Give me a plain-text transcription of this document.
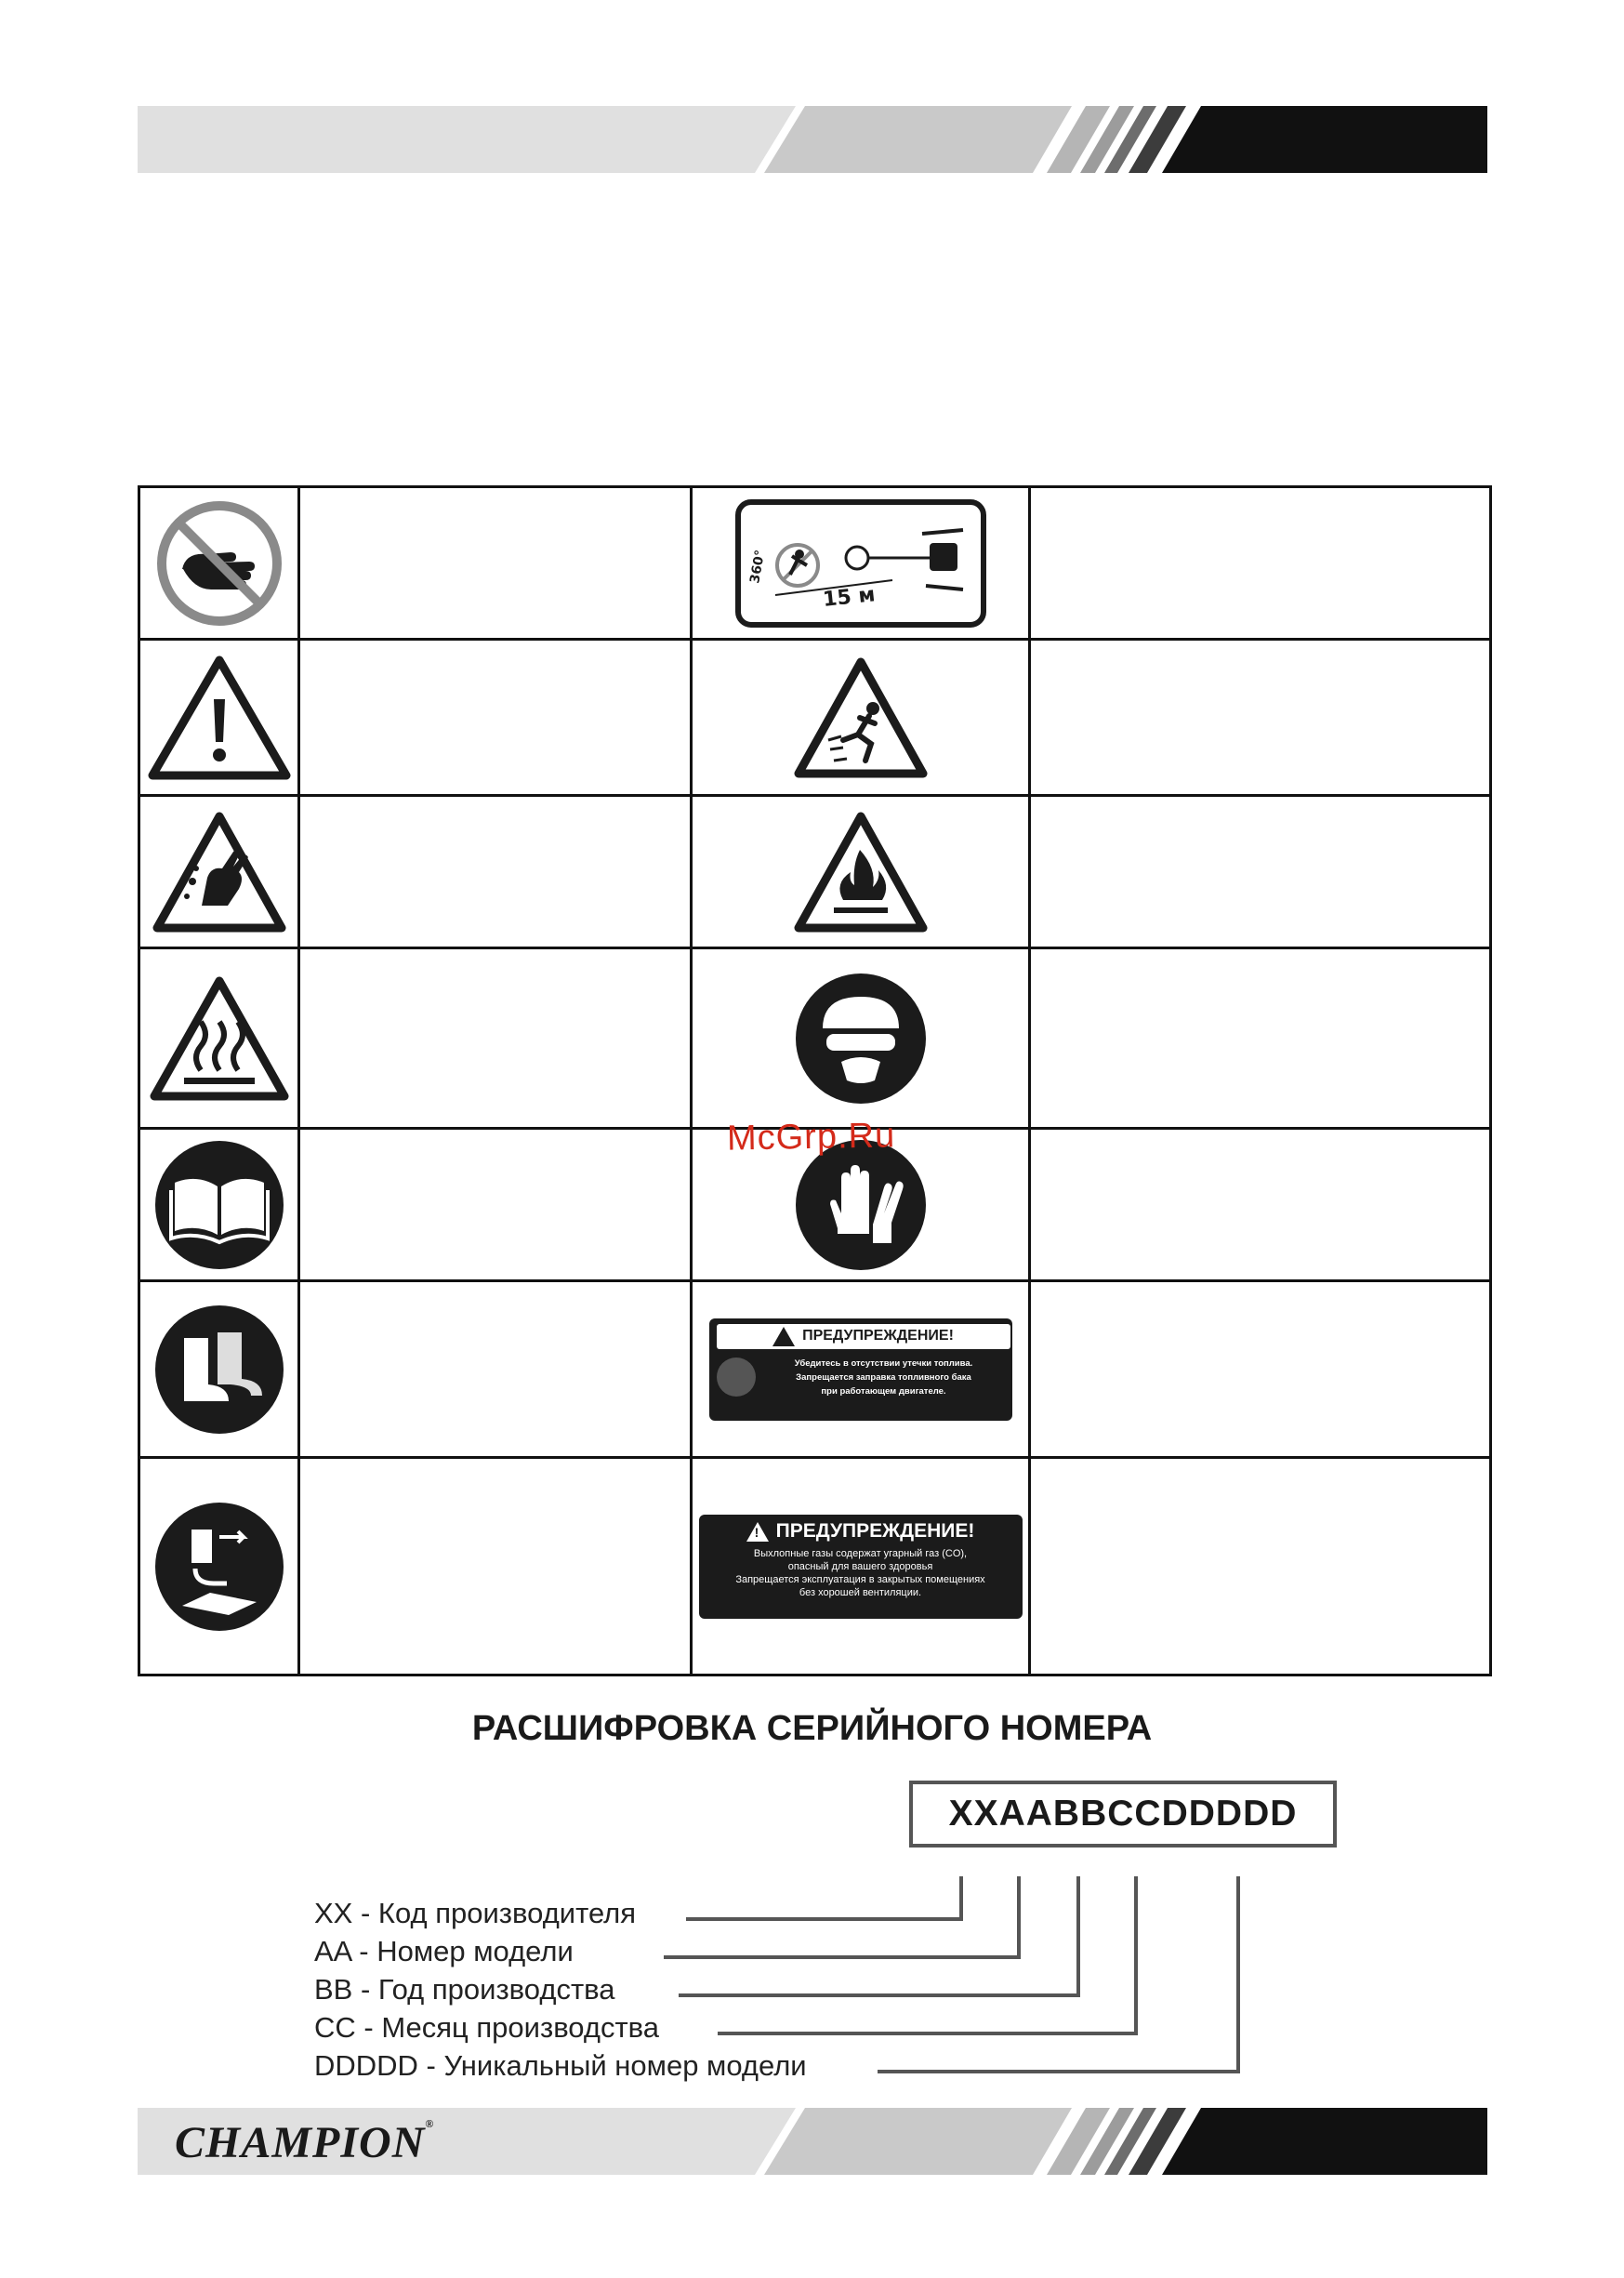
360°
15 м	

!
ПРЕДУПРЕЖДЕНИЕ!
Убедитесь в отсутствии утечки топлива.
Запрещается заправка топливного бака
при работающем двигателе.

!
ПРЕДУПРЕЖДЕНИЕ!
Выхлопные газы содержат угарный газ (CO),
опасный для вашего здоровья
Запрещается эксплуатация в закрытых помещениях
без хорошей вентиляции.

McGrp.Ru
РАСШИФРОВКА СЕРИЙНОГО НОМЕРА
XXAABBCCDDDDD
XX - Код производителя
AA - Номер модели
BB - Год производства
CC - Месяц производства
DDDDD - Уникальный номер модели
CHAMPION®
